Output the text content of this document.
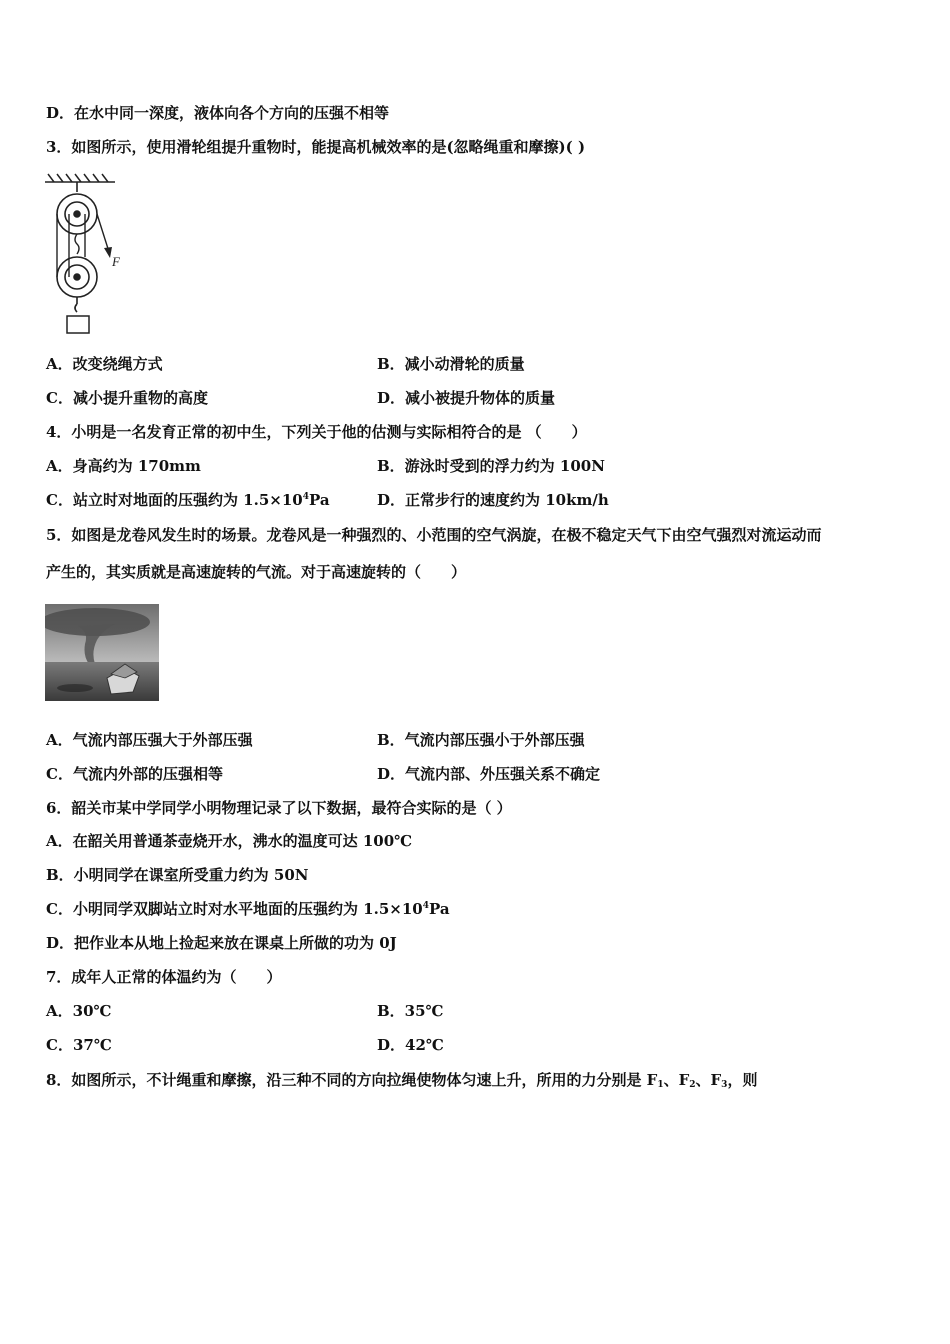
D．在水中同一深度，液体向各个方向的压强不相等
3．如图所示，使用滑轮组提升重物时，能提高机械效率的是(忽略绳重和摩擦)( )
F
A．改变绕绳方式	B．减小动滑轮的质量
C．减小提升重物的高度	D．减小被提升物体的质量
4．小明是一名发育正常的初中生，下列关于他的估测与实际相符合的是 （　　）
A．身高约为 170mm	B．游泳时受到的浮力约为 100N
C．站立时对地面的压强约为 $1.5\times 10^4Pa$	D．正常步行的速度约为 10km/h
5．如图是龙卷风发生时的场景。龙卷风是一种强烈的、小范围的空气涡旋，在极不稳定天气下由空气强烈对流运动而
产生的，其实质就是高速旋转的气流。对于高速旋转的（　　）
A．气流内部压强大于外部压强	B．气流内部压强小于外部压强
C．气流内外部的压强相等	D．气流内部、外压强关系不确定
6．韶关市某中学同学小明物理记录了以下数据，最符合实际的是（ ）
A．在韶关用普通茶壶烧开水，沸水的温度可达 100℃
B．小明同学在课室所受重力约为 50N
C．小明同学双脚站立时对水平地面的压强约为 $1.5\times 10^4Pa$
D．把作业本从地上捡起来放在课桌上所做的功为 0J
7．成年人正常的体温约为（　　）
A．30℃	B．35℃
C．37℃	D．42℃
8．如图所示，不计绳重和摩擦，沿三种不同的方向拉绳使物体匀速上升，所用的力分别是 $F_1$、$F_2$、$F_3$，则
